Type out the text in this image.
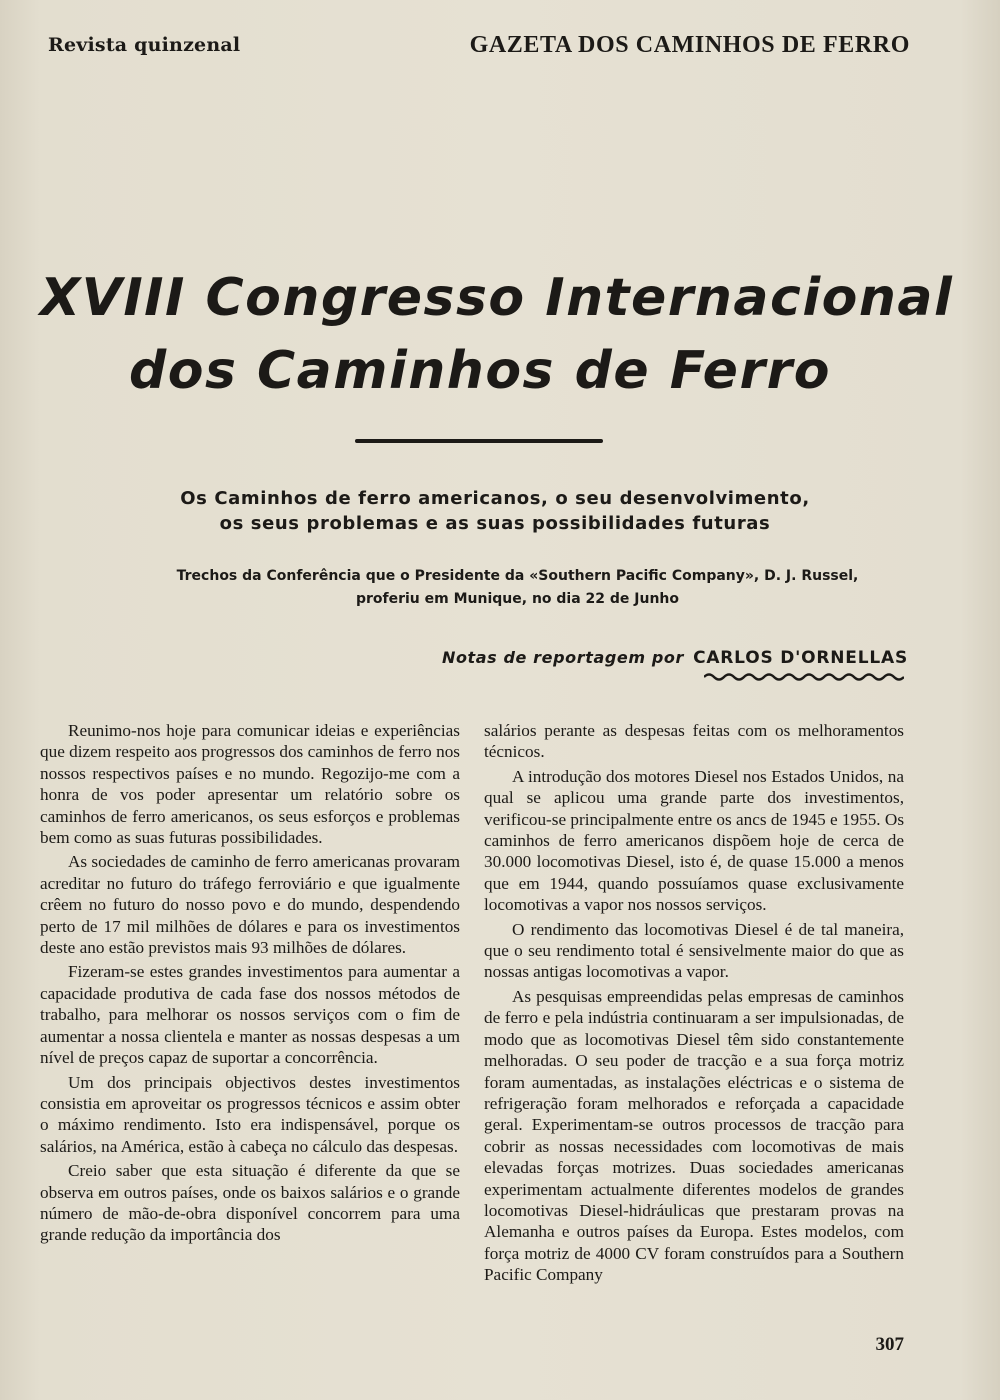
Revista quinzenal	GAZETA DOS CAMINHOS DE FERRO
XVIII Congresso Internacional
dos Caminhos de Ferro
Os Caminhos de ferro americanos, o seu desenvolvimento,
os seus problemas e as suas possibilidades futuras
Trechos da Conferência que o Presidente da «Southern Pacific Company», D. J. Russel,
proferiu em Munique, no dia 22 de Junho
Notas de reportagem por CARLOS D'ORNELLAS

Reunimo-nos hoje para comunicar ideias e experiências que dizem respeito aos progressos dos caminhos de ferro nos nossos respectivos países e no mundo. Regozijo-me com a honra de vos poder apresentar um relatório sobre os caminhos de ferro americanos, os seus esforços e problemas bem como as suas futuras possibilidades.

As sociedades de caminho de ferro americanas provaram acreditar no futuro do tráfego ferroviário e que igualmente crêem no futuro do nosso povo e do mundo, despendendo perto de 17 mil milhões de dólares e para os investimentos deste ano estão previstos mais 93 milhões de dólares.

Fizeram-se estes grandes investimentos para aumentar a capacidade produtiva de cada fase dos nossos métodos de trabalho, para melhorar os nossos serviços com o fim de aumentar a nossa clientela e manter as nossas despesas a um nível de preços capaz de suportar a concorrência.

Um dos principais objectivos destes investimentos consistia em aproveitar os progressos técnicos e assim obter o máximo rendimento. Isto era indispensável, porque os salários, na América, estão à cabeça no cálculo das despesas.

Creio saber que esta situação é diferente da que se observa em outros países, onde os baixos salários e o grande número de mão-de-obra disponível concorrem para uma grande redução da importância dos

salários perante as despesas feitas com os melhoramentos técnicos.

A introdução dos motores Diesel nos Estados Unidos, na qual se aplicou uma grande parte dos investimentos, verificou-se principalmente entre os ancs de 1945 e 1955. Os caminhos de ferro americanos dispõem hoje de cerca de 30.000 locomotivas Diesel, isto é, de quase 15.000 a menos que em 1944, quando possuíamos quase exclusivamente locomotivas a vapor nos nossos serviços.

O rendimento das locomotivas Diesel é de tal maneira, que o seu rendimento total é sensivelmente maior do que as nossas antigas locomotivas a vapor.

As pesquisas empreendidas pelas empresas de caminhos de ferro e pela indústria continuaram a ser impulsionadas, de modo que as locomotivas Diesel têm sido constantemente melhoradas. O seu poder de tracção e a sua força motriz foram aumentadas, as instalações eléctricas e o sistema de refrigeração foram melhorados e reforçada a capacidade geral. Experimentam-se outros processos de tracção para cobrir as nossas necessidades com locomotivas de mais elevadas forças motrizes. Duas sociedades americanas experimentam actualmente diferentes modelos de grandes locomotivas Diesel-hidráulicas que prestaram provas na Alemanha e outros países da Europa. Estes modelos, com força motriz de 4000 CV foram construídos para a Southern Pacific Company

307
